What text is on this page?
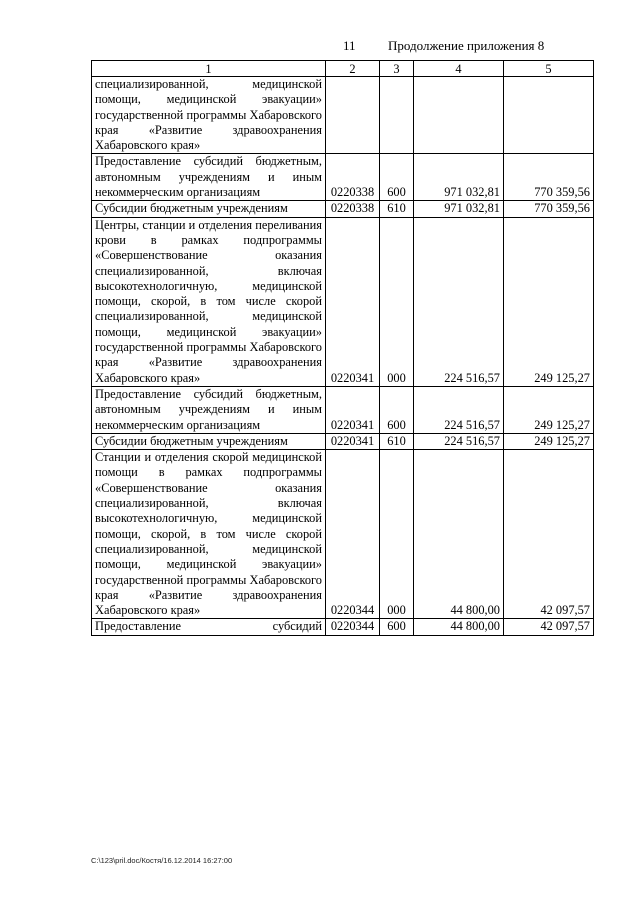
11 Продолжение приложения 8
1	2	3	4	5
специализированной, медицинской помощи, медицинской эвакуации» государственной программы Хабаровского края «Развитие здравоохранения Хабаровского края»				
Предоставление субсидий бюджетным, автономным учреждениям и иным некоммерческим организациям	0220338	600	971 032,81	770 359,56
Субсидии бюджетным учреждениям	0220338	610	971 032,81	770 359,56
Центры, станции и отделения переливания крови в рамках подпрограммы «Совершенствование оказания специализированной, включая высокотехнологичную, медицинской помощи, скорой, в том числе скорой специализированной, медицинской помощи, медицинской эвакуации» государственной программы Хабаровского края «Развитие здравоохранения Хабаровского края»	0220341	000	224 516,57	249 125,27
Предоставление субсидий бюджетным, автономным учреждениям и иным некоммерческим организациям	0220341	600	224 516,57	249 125,27
Субсидии бюджетным учреждениям	0220341	610	224 516,57	249 125,27
Станции и отделения скорой медицинской помощи в рамках подпрограммы «Совершенствование оказания специализированной, включая высокотехнологичную, медицинской помощи, скорой, в том числе скорой специализированной, медицинской помощи, медицинской эвакуации» государственной программы Хабаровского края «Развитие здравоохранения Хабаровского края»	0220344	000	44 800,00	42 097,57
Предоставление субсидий	0220344	600	44 800,00	42 097,57
C:\123\pril.doc/Костя/16.12.2014 16:27:00
